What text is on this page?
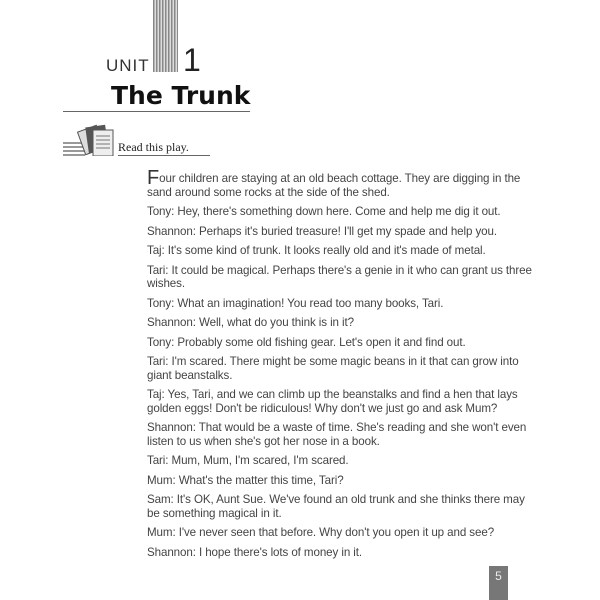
UNIT 1
The Trunk
Read this play.

Four children are staying at an old beach cottage. They are digging in the sand around some rocks at the side of the shed.

Tony: Hey, there's something down here. Come and help me dig it out.

Shannon: Perhaps it's buried treasure! I'll get my spade and help you.

Taj: It's some kind of trunk. It looks really old and it's made of metal.

Tari: It could be magical. Perhaps there's a genie in it who can grant us three wishes.

Tony: What an imagination! You read too many books, Tari.

Shannon: Well, what do you think is in it?

Tony: Probably some old fishing gear. Let's open it and find out.

Tari: I'm scared. There might be some magic beans in it that can grow into giant beanstalks.

Taj: Yes, Tari, and we can climb up the beanstalks and find a hen that lays golden eggs! Don't be ridiculous! Why don't we just go and ask Mum?

Shannon: That would be a waste of time. She's reading and she won't even listen to us when she's got her nose in a book.

Tari: Mum, Mum, I'm scared, I'm scared.

Mum: What's the matter this time, Tari?

Sam: It's OK, Aunt Sue. We've found an old trunk and she thinks there may be something magical in it.

Mum: I've never seen that before. Why don't you open it up and see?

Shannon: I hope there's lots of money in it.

5
